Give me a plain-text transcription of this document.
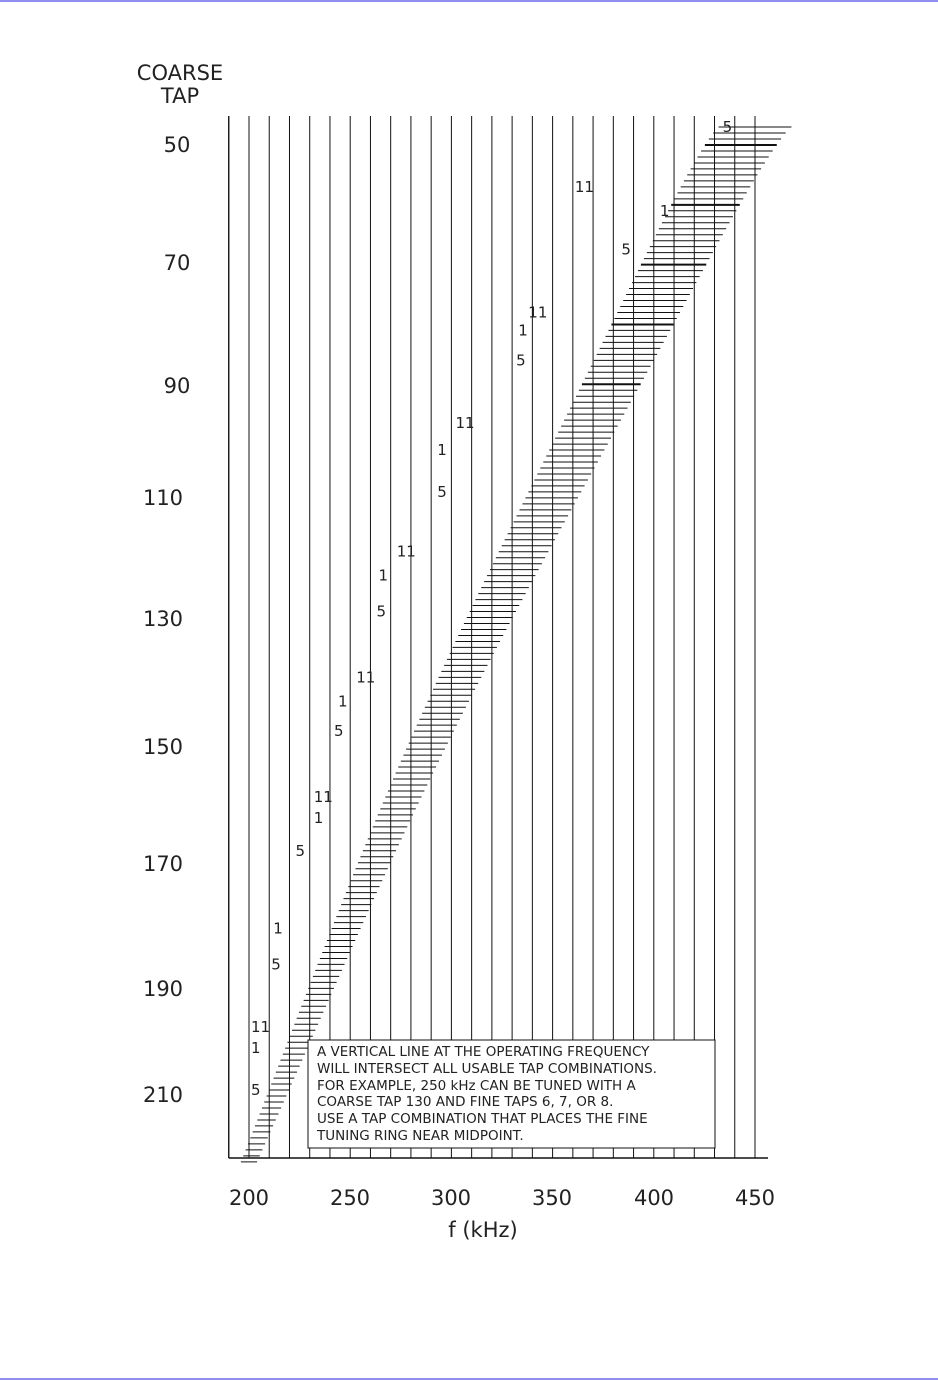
5
11
1
5
11
1
5
11
1
5
11
1
5
11
1
5
11
1
5
1
5
11
1
5
COARSE
TAP
50
70
90
110
130
150
170
190
210
200	250	300	350	400	450
f (kHz)
A VERTICAL LINE AT THE OPERATING FREQUENCY
WILL INTERSECT ALL USABLE TAP COMBINATIONS.
FOR EXAMPLE, 250 kHz CAN BE TUNED WITH A
COARSE TAP 130 AND FINE TAPS 6, 7, OR 8.
USE A TAP COMBINATION THAT PLACES THE FINE
TUNING RING NEAR MIDPOINT.
